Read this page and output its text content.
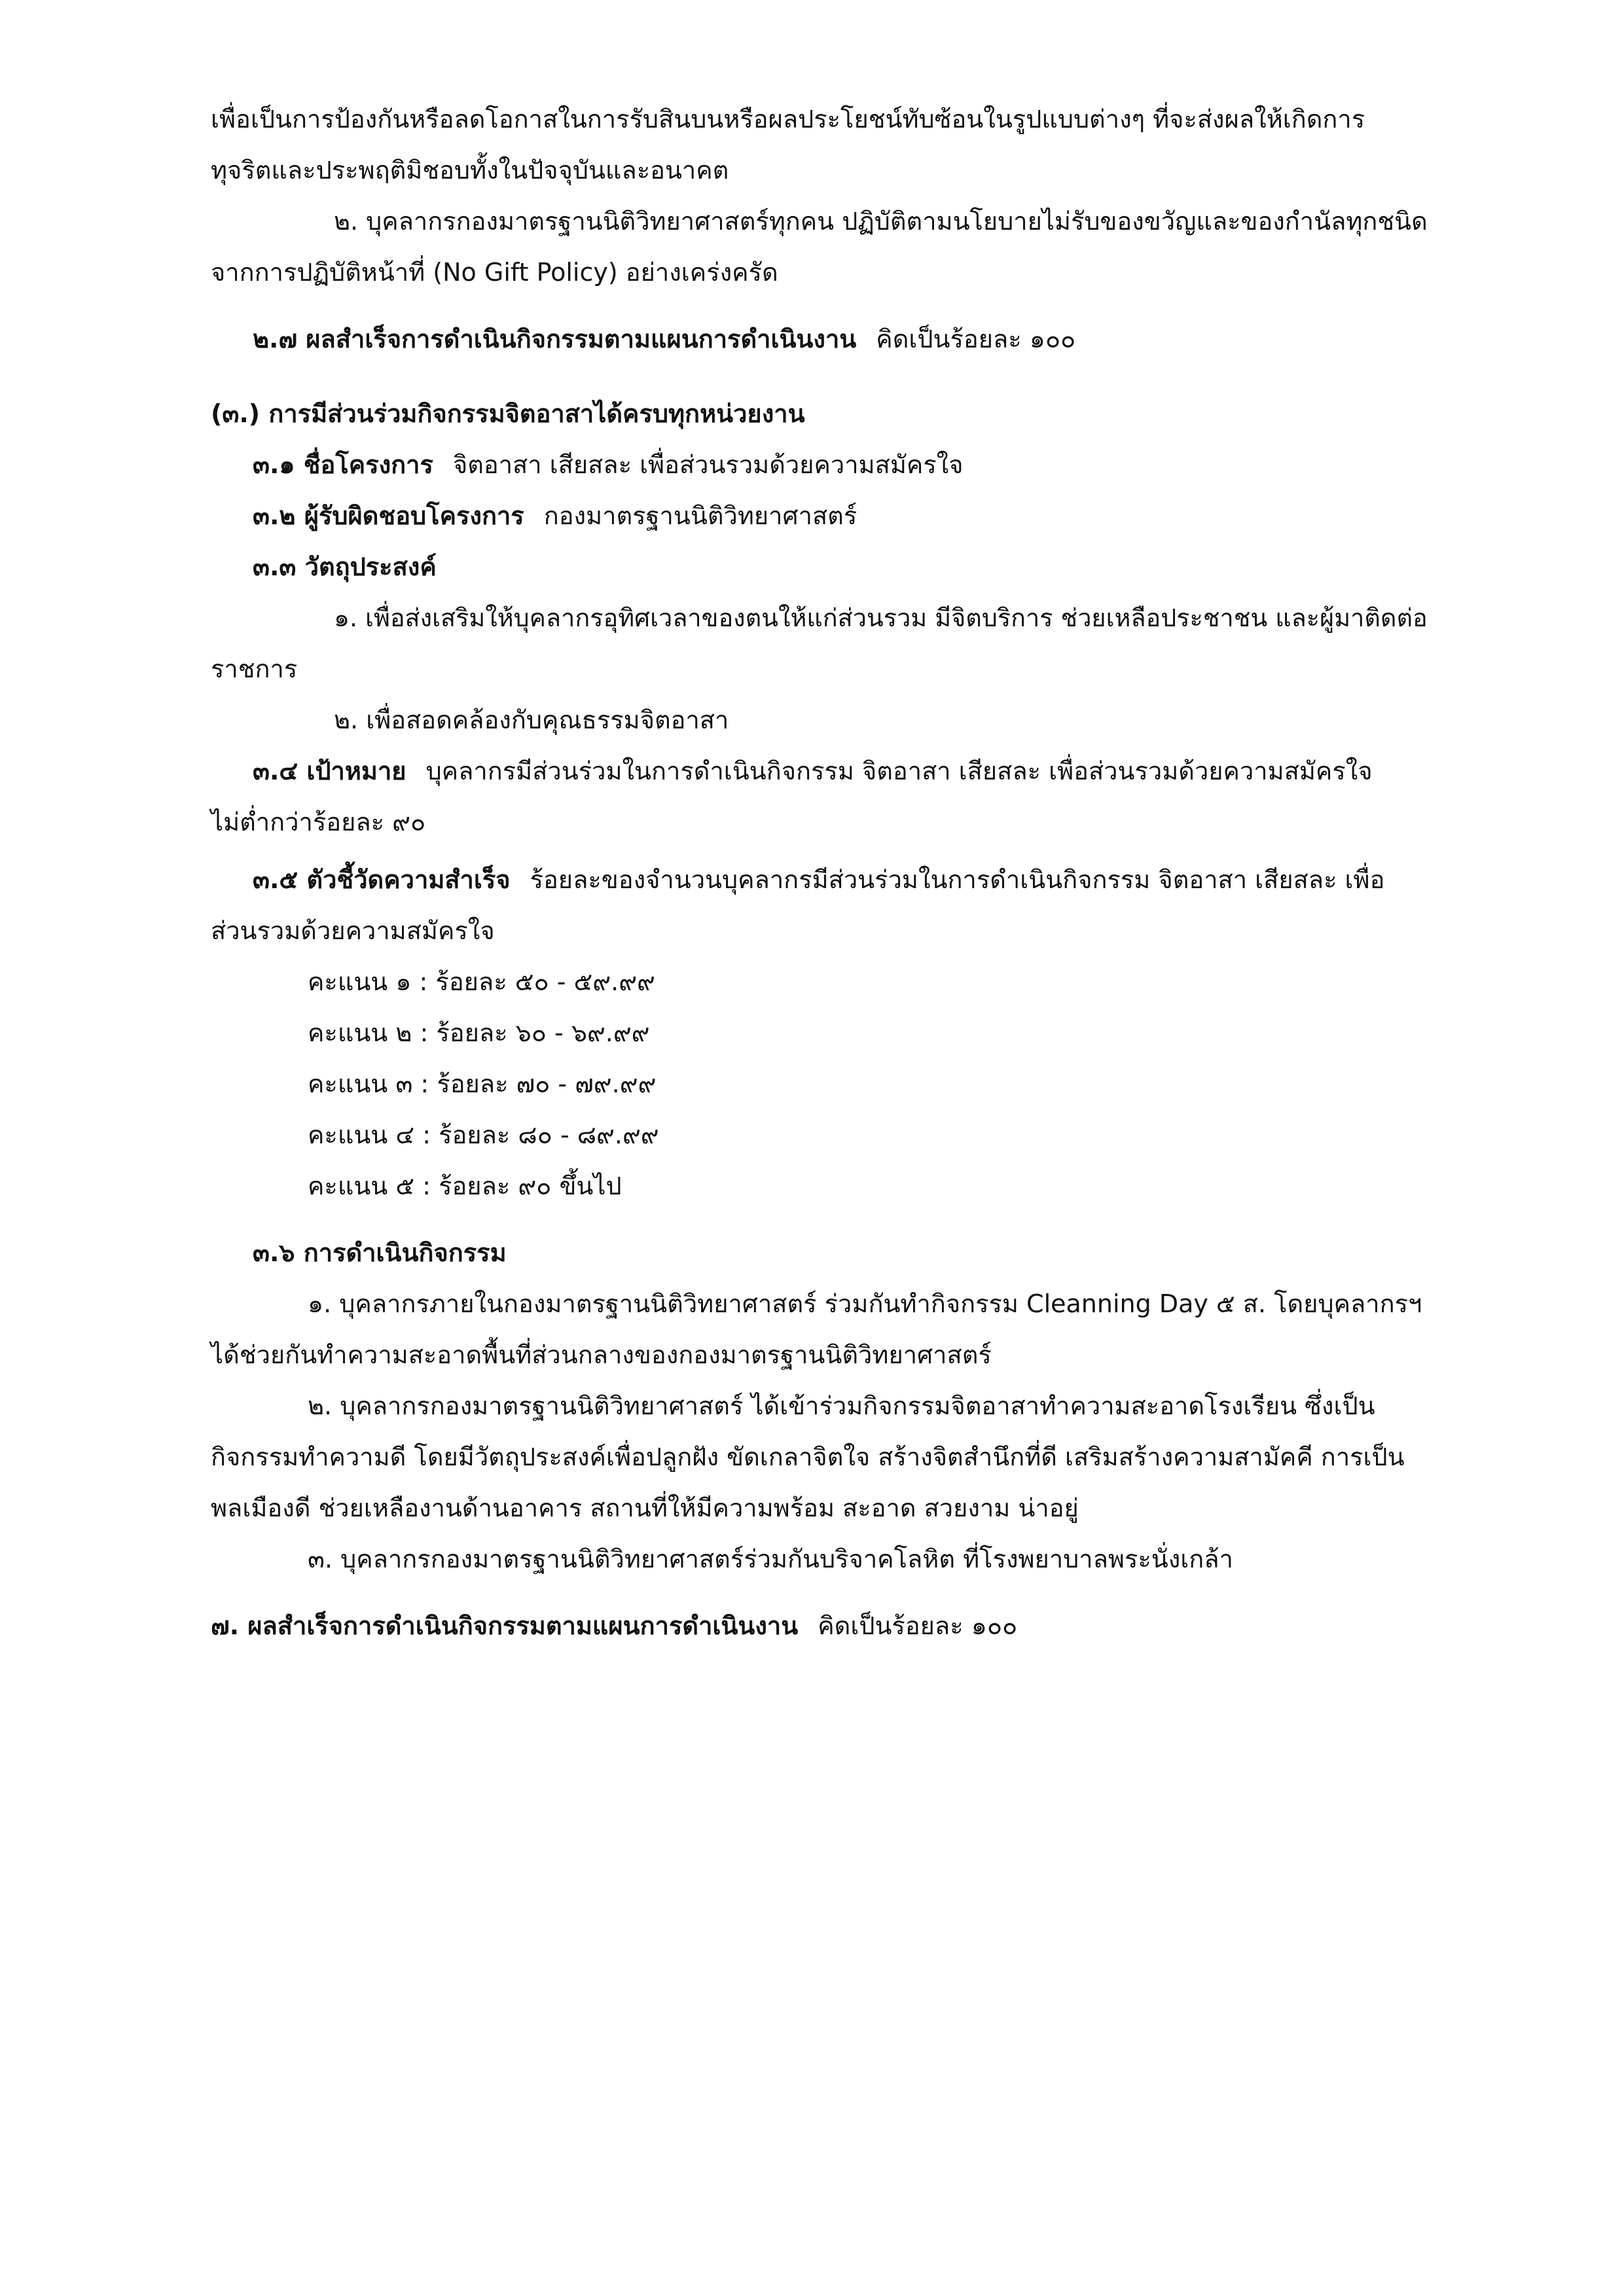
เพื่อเป็นการป้องกันหรือลดโอกาสในการรับสินบนหรือผลประโยชน์ทับซ้อนในรูปแบบต่างๆ ที่จะส่งผลให้เกิดการ
ทุจริตและประพฤติมิชอบทั้งในปัจจุบันและอนาคต
๒. บุคลากรกองมาตรฐานนิติวิทยาศาสตร์ทุกคน ปฏิบัติตามนโยบายไม่รับของขวัญและของกำนัลทุกชนิด
จากการปฏิบัติหน้าที่ (No Gift Policy) อย่างเคร่งครัด
๒.๗ ผลสำเร็จการดำเนินกิจกรรมตามแผนการดำเนินงาน คิดเป็นร้อยละ ๑๐๐
(๓.) การมีส่วนร่วมกิจกรรมจิตอาสาได้ครบทุกหน่วยงาน
๓.๑ ชื่อโครงการ จิตอาสา เสียสละ เพื่อส่วนรวมด้วยความสมัครใจ
๓.๒ ผู้รับผิดชอบโครงการ กองมาตรฐานนิติวิทยาศาสตร์
๓.๓ วัตถุประสงค์
๑. เพื่อส่งเสริมให้บุคลากรอุทิศเวลาของตนให้แก่ส่วนรวม มีจิตบริการ ช่วยเหลือประชาชน และผู้มาติดต่อ
ราชการ
๒. เพื่อสอดคล้องกับคุณธรรมจิตอาสา
๓.๔ เป้าหมาย บุคลากรมีส่วนร่วมในการดำเนินกิจกรรม จิตอาสา เสียสละ เพื่อส่วนรวมด้วยความสมัครใจ
ไม่ต่ำกว่าร้อยละ ๙๐
๓.๕ ตัวชี้วัดความสำเร็จ ร้อยละของจำนวนบุคลากรมีส่วนร่วมในการดำเนินกิจกรรม จิตอาสา เสียสละ เพื่อ
ส่วนรวมด้วยความสมัครใจ
คะแนน ๑ : ร้อยละ ๕๐ - ๕๙.๙๙
คะแนน ๒ : ร้อยละ ๖๐ - ๖๙.๙๙
คะแนน ๓ : ร้อยละ ๗๐ - ๗๙.๙๙
คะแนน ๔ : ร้อยละ ๘๐ - ๘๙.๙๙
คะแนน ๕ : ร้อยละ ๙๐ ขึ้นไป
๓.๖ การดำเนินกิจกรรม
๑. บุคลากรภายในกองมาตรฐานนิติวิทยาศาสตร์ ร่วมกันทำกิจกรรม Cleanning Day ๕ ส. โดยบุคลากรฯ
ได้ช่วยกันทำความสะอาดพื้นที่ส่วนกลางของกองมาตรฐานนิติวิทยาศาสตร์
๒. บุคลากรกองมาตรฐานนิติวิทยาศาสตร์ ได้เข้าร่วมกิจกรรมจิตอาสาทำความสะอาดโรงเรียน ซึ่งเป็น
กิจกรรมทำความดี โดยมีวัตถุประสงค์เพื่อปลูกฝัง ขัดเกลาจิตใจ สร้างจิตสำนึกที่ดี เสริมสร้างความสามัคคี การเป็น
พลเมืองดี ช่วยเหลืองานด้านอาคาร สถานที่ให้มีความพร้อม สะอาด สวยงาม น่าอยู่
๓. บุคลากรกองมาตรฐานนิติวิทยาศาสตร์ร่วมกันบริจาคโลหิต ที่โรงพยาบาลพระนั่งเกล้า
๗. ผลสำเร็จการดำเนินกิจกรรมตามแผนการดำเนินงาน คิดเป็นร้อยละ ๑๐๐
